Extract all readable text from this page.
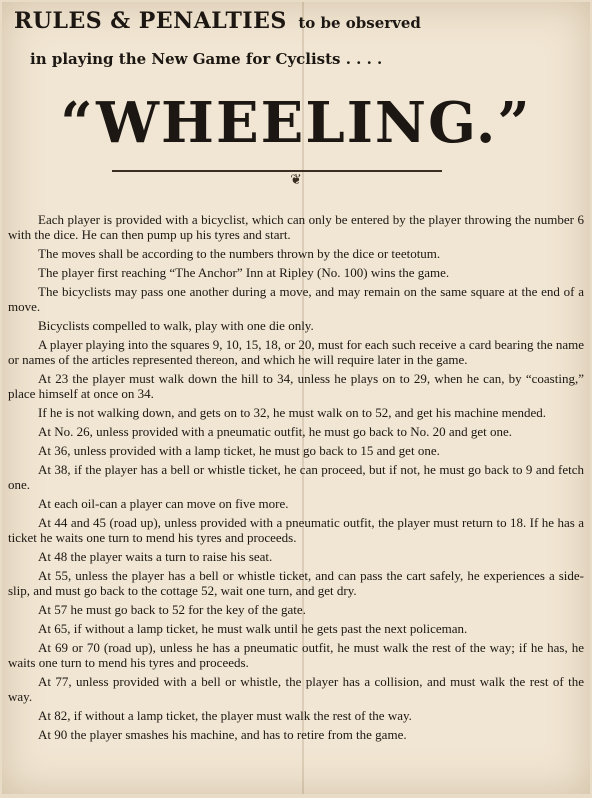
RULES & PENALTIES to be observed
in playing the New Game for Cyclists . . . .
“WHEELING.”
❦

Each player is provided with a bicyclist, which can only be entered by the player throwing the number 6 with the dice. He can then pump up his tyres and start.

The moves shall be according to the numbers thrown by the dice or teetotum.

The player first reaching “The Anchor” Inn at Ripley (No. 100) wins the game.

The bicyclists may pass one another during a move, and may remain on the same square at the end of a move.

Bicyclists compelled to walk, play with one die only.

A player playing into the squares 9, 10, 15, 18, or 20, must for each such receive a card bearing the name or names of the articles represented thereon, and which he will require later in the game.

At 23 the player must walk down the hill to 34, unless he plays on to 29, when he can, by “coasting,” place himself at once on 34.

If he is not walking down, and gets on to 32, he must walk on to 52, and get his machine mended.

At No. 26, unless provided with a pneumatic outfit, he must go back to No. 20 and get one.

At 36, unless provided with a lamp ticket, he must go back to 15 and get one.

At 38, if the player has a bell or whistle ticket, he can proceed, but if not, he must go back to 9 and fetch one.

At each oil-can a player can move on five more.

At 44 and 45 (road up), unless provided with a pneumatic outfit, the player must return to 18. If he has a ticket he waits one turn to mend his tyres and proceeds.

At 48 the player waits a turn to raise his seat.

At 55, unless the player has a bell or whistle ticket, and can pass the cart safely, he experiences a side-slip, and must go back to the cottage 52, wait one turn, and get dry.

At 57 he must go back to 52 for the key of the gate.

At 65, if without a lamp ticket, he must walk until he gets past the next policeman.

At 69 or 70 (road up), unless he has a pneumatic outfit, he must walk the rest of the way; if he has, he waits one turn to mend his tyres and proceeds.

At 77, unless provided with a bell or whistle, the player has a collision, and must walk the rest of the way.

At 82, if without a lamp ticket, the player must walk the rest of the way.

At 90 the player smashes his machine, and has to retire from the game.
